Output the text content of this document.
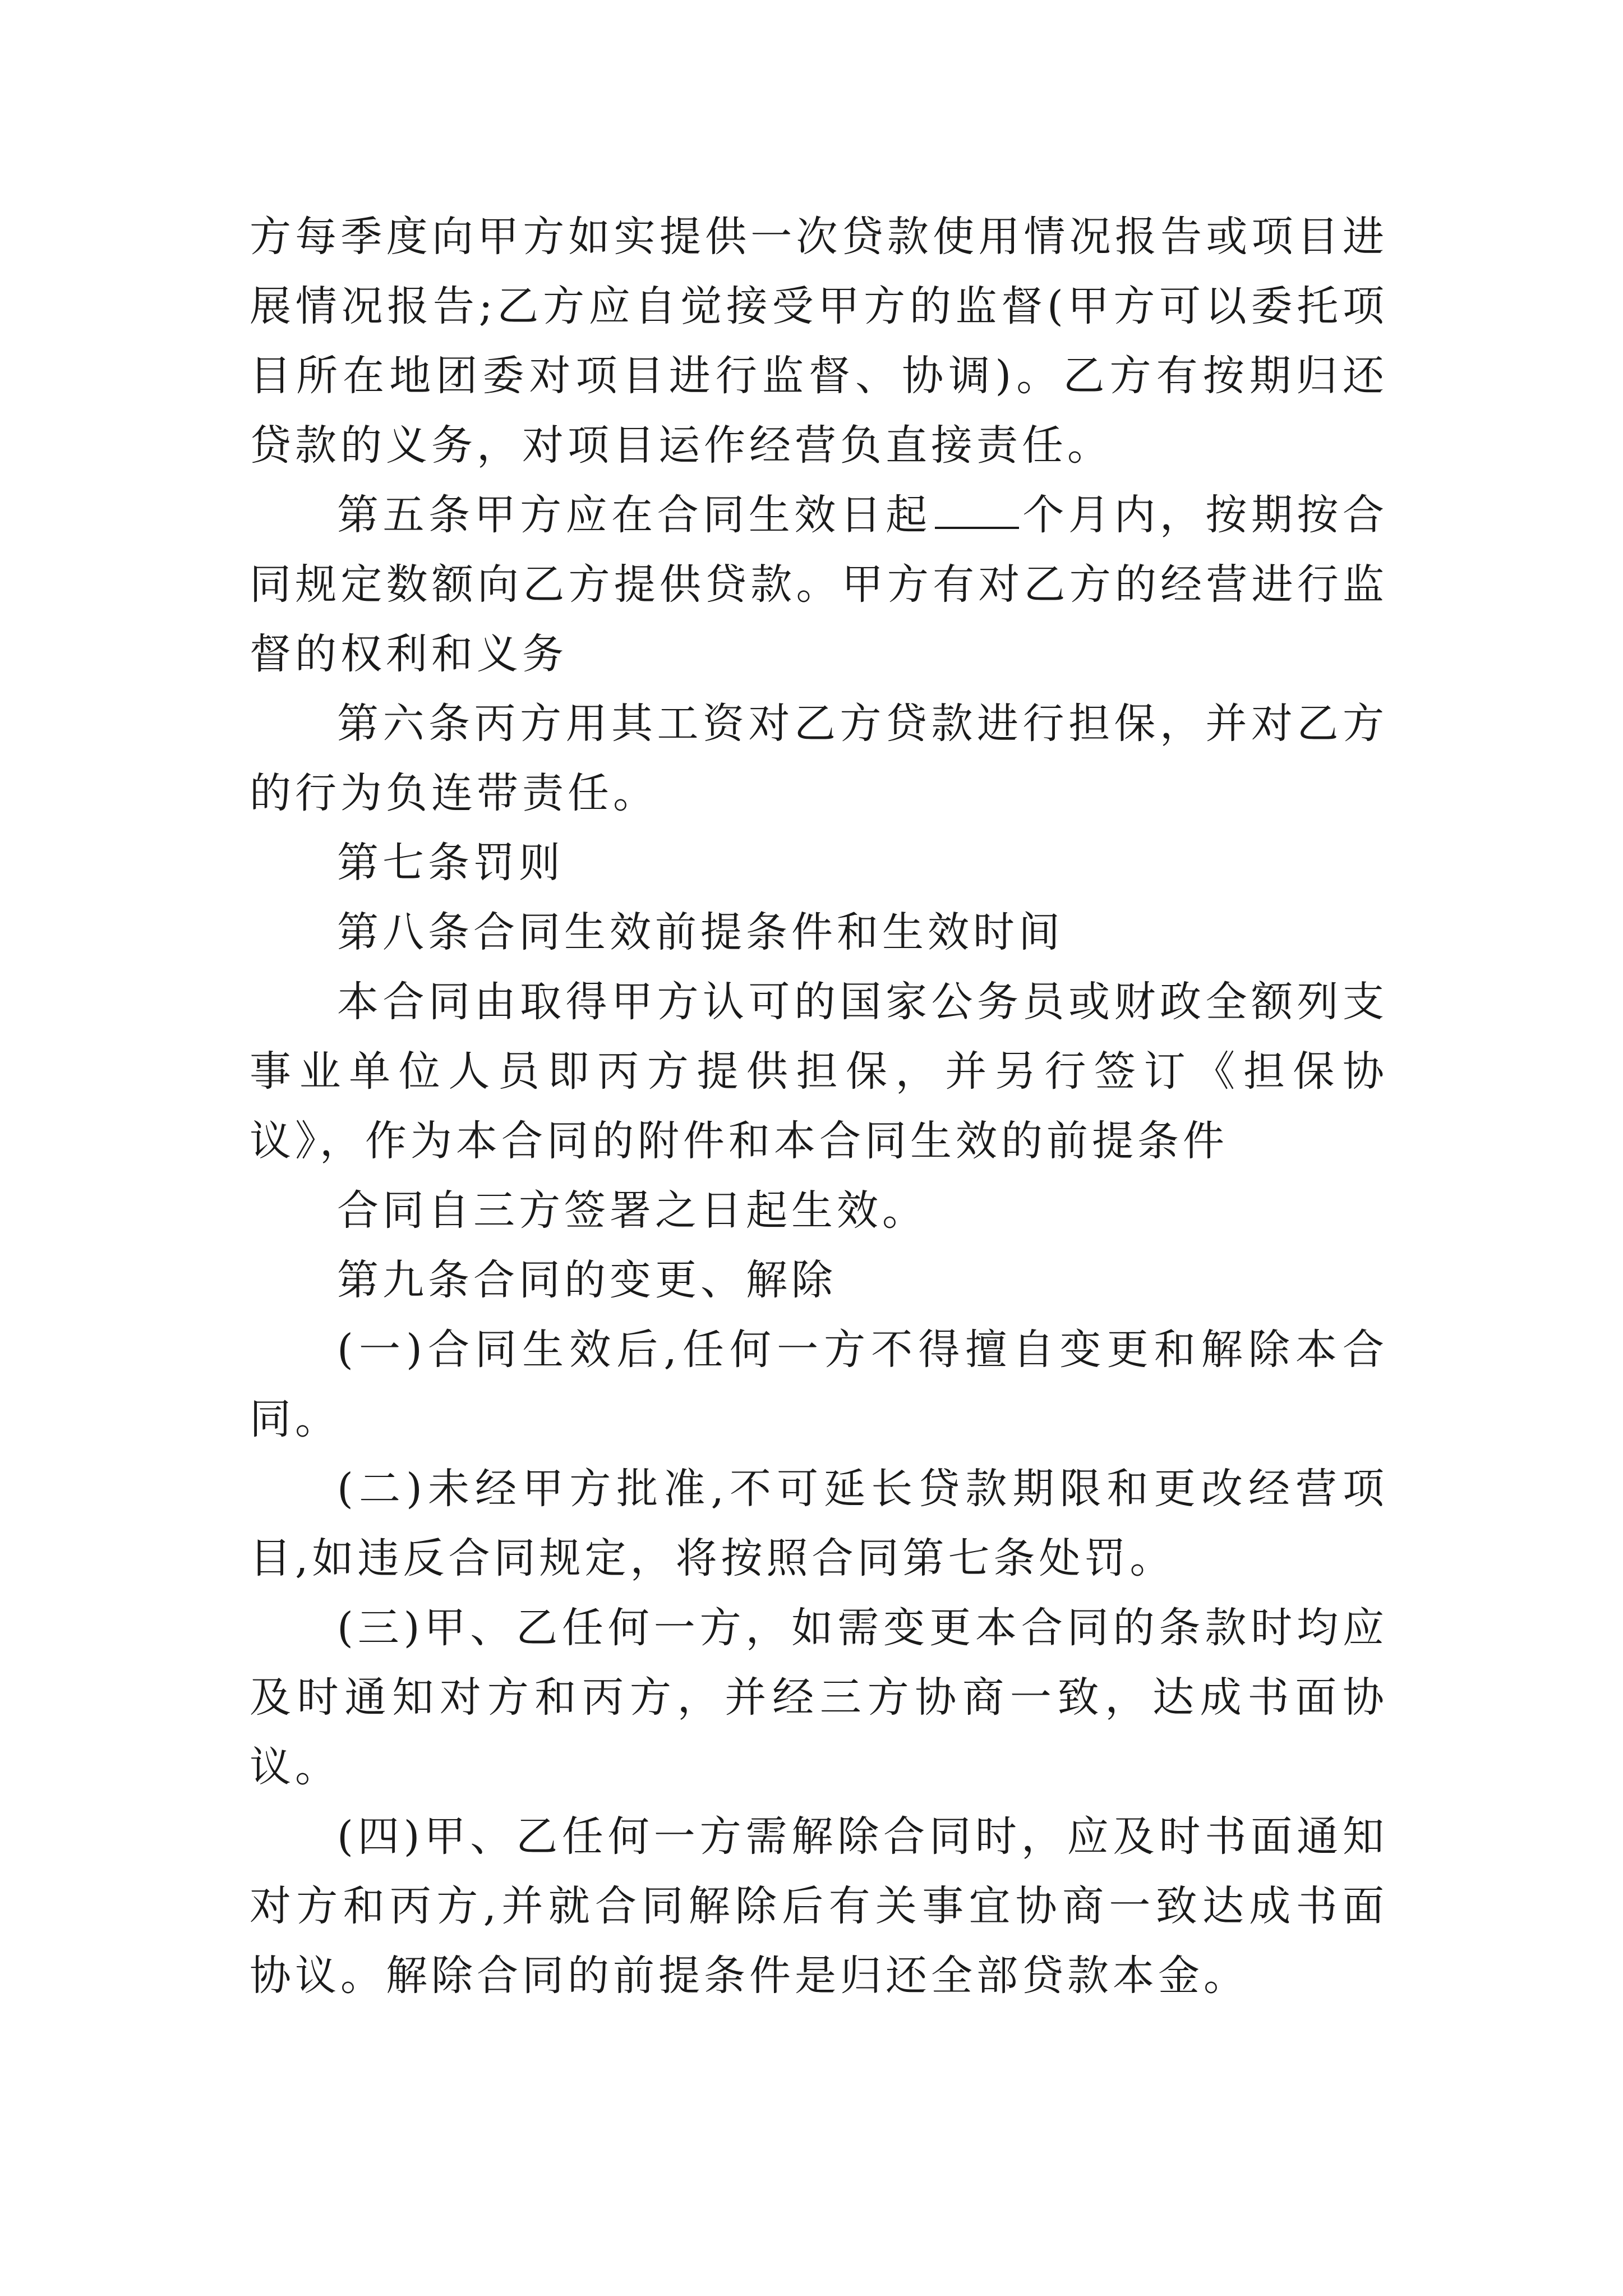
方每季度向甲方如实提供一次贷款使用情况报告或项目进展情况报告;乙方应自觉接受甲方的监督(甲方可以委托项目所在地团委对项目进行监督、协调)。乙方有按期归还贷款的义务，对项目运作经营负直接责任。

第五条甲方应在合同生效日起 个月内，按期按合同规定数额向乙方提供贷款。甲方有对乙方的经营进行监督的权利和义务

第六条丙方用其工资对乙方贷款进行担保，并对乙方的行为负连带责任。

第七条罚则

第八条合同生效前提条件和生效时间

本合同由取得甲方认可的国家公务员或财政全额列支事业单位人员即丙方提供担保，并另行签订《担保协议》，作为本合同的附件和本合同生效的前提条件

合同自三方签署之日起生效。

第九条合同的变更、解除

(一)合同生效后,任何一方不得擅自变更和解除本合同。

(二)未经甲方批准,不可延长贷款期限和更改经营项目,如违反合同规定，将按照合同第七条处罚。

(三)甲、乙任何一方，如需变更本合同的条款时均应及时通知对方和丙方，并经三方协商一致，达成书面协议。

(四)甲、乙任何一方需解除合同时，应及时书面通知对方和丙方,并就合同解除后有关事宜协商一致达成书面协议。解除合同的前提条件是归还全部贷款本金。
